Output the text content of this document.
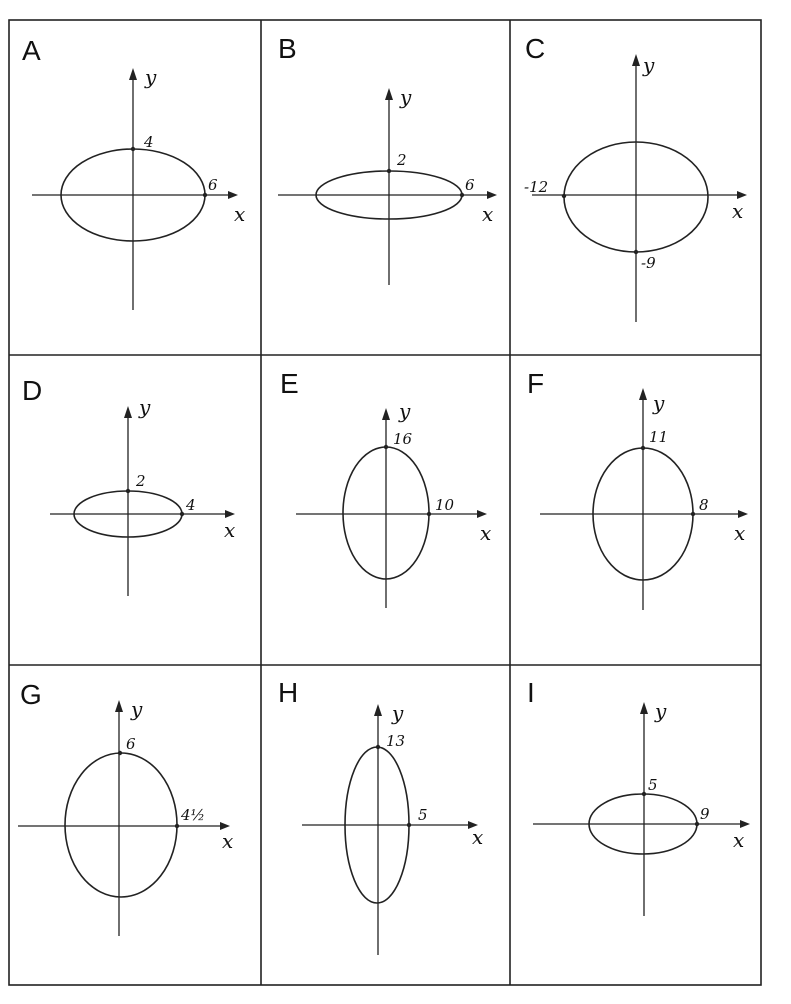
A
y
x
4
6
B
y
x
2
6
C
y
x
-12
-9
D
y
x
2
4
E
y
x
16
10
F
y
x
11
8
G	y
x
6
4½
H
y
x
13
5
I
y
x
5
9
